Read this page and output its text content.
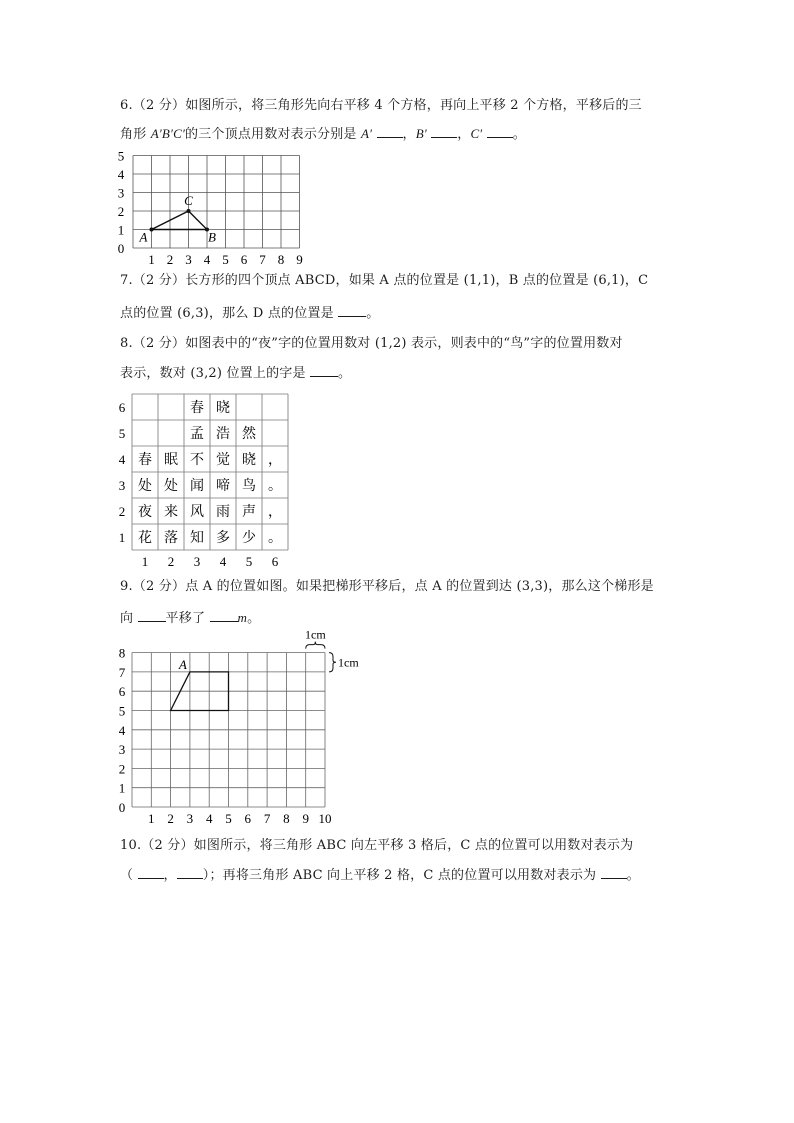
6.（2 分）如图所示，将三角形先向右平移 4 个方格，再向上平移 2 个方格，平移后的三
角形 A′B′C′的三个顶点用数对表示分别是 A′ ，B′ ，C′ 。
0
1
2
3
4
5
1 2 3 4 5 6 7 8 9
A	B
C
7.（2 分）长方形的四个顶点 ABCD，如果 A 点的位置是 (1,1)，B 点的位置是 (6,1)，C
点的位置 (6,3)，那么 D 点的位置是 。
8.（2 分）如图表中的“夜”字的位置用数对 (1,2) 表示，则表中的“鸟”字的位置用数对
表示，数对 (3,2) 位置上的字是 。
春 晓
孟 浩 然
春 眠 不 觉 晓 ，
处 处 闻 啼 鸟 。
夜 来 风 雨 声 ，
花 落 知 多 少 。
6
5
4
3
2
1
1 2 3 4 5 6
9.（2 分）点 A 的位置如图。如果把梯形平移后，点 A 的位置到达 (3,3)，那么这个梯形是
向 平移了 m。
0
1
2
3
4
5
6
7
8
1 2 3 4 5 6 7 8 9 10
A
1cm
1cm
10.（2 分）如图所示，将三角形 ABC 向左平移 3 格后，C 点的位置可以用数对表示为
（ ， ）；再将三角形 ABC 向上平移 2 格，C 点的位置可以用数对表示为 。
